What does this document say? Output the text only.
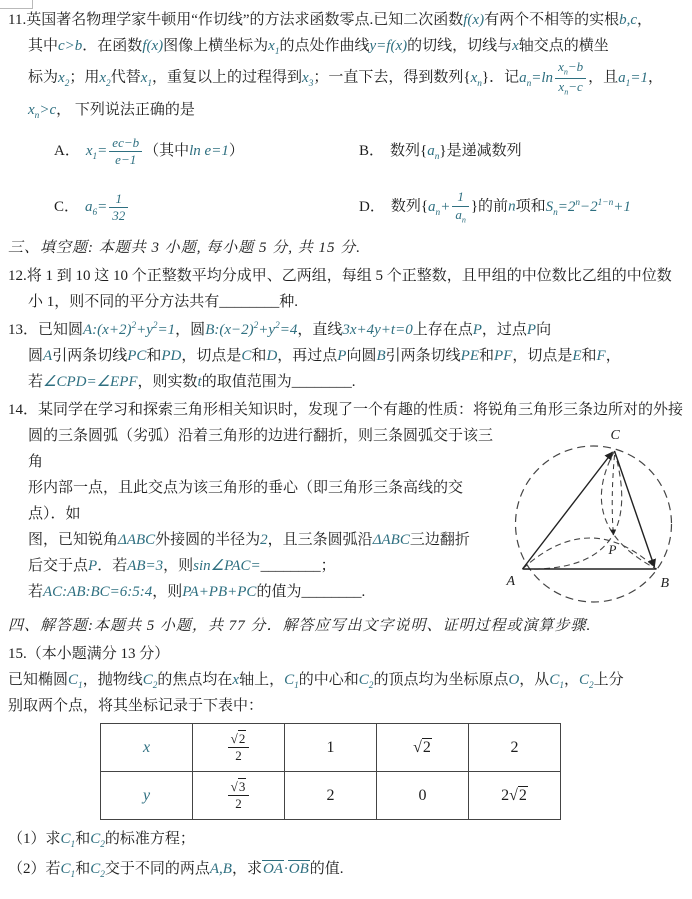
11.英国著名物理学家牛顿用“作切线”的方法求函数零点.已知二次函数f(x)有两个不相等的实根b,c，
其中c>b．在函数f(x)图像上横坐标为$x_1$的点处作曲线y=f(x)的切线，切线与x轴交点的横坐
标为$x_2$；用$x_2$代替$x_1$，重复以上的过程得到$x_3$；一直下去，得到数列$\{x_n\}$．记$a_n=\ln \frac{x_n-b}{x_n-c}$ ，且$a_1=1$，
$x_n>c$， 下列说法正确的是
A． $x_1= \frac{ec-b}{e-1}$ （其中ln e=1）	B． 数列$\{a_n\}$是递减数列
C． $a_6= \frac{1}{32}$	D． 数列{$a_n+ \frac{1}{a_n}$ }的前n项和$S_n=2^n-2^{1-n}+1$
三、填空题: 本题共 3 小题, 每小题 5 分, 共 15 分.
12.将 1 到 10 这 10 个正整数平均分成甲、乙两组，每组 5 个正整数，且甲组的中位数比乙组的中位数
小 1，则不同的平分方法共有________种.
13．已知圆$A:(x+2)^2+y^2=1$，圆$B:(x-2)^2+y^2=4$，直线3x+4y+t=0上存在点P，过点P向
圆A引两条切线PC和PD，切点是C和D，再过点P向圆B引两条切线PE和PF，切点是E和F，
若∠CPD=∠EPF，则实数t的取值范围为________.
14．某同学在学习和探索三角形相关知识时，发现了一个有趣的性质：将锐角三角形三条边所对的外接
圆的三条圆弧（劣弧）沿着三角形的边进行翻折，则三条圆弧交于该三角
形内部一点，且此交点为该三角形的垂心（即三角形三条高线的交点）．如
图，已知锐角ΔABC外接圆的半径为2，且三条圆弧沿ΔABC三边翻折
后交于点P．若AB=3，则sin∠PAC=________；
若AC:AB:BC=6:5:4，则PA+PB+PC的值为________.
C
A	B
P
四、解答题:本题共 5 小题，共 77 分．解答应写出文字说明、证明过程或演算步骤.
15.（本小题满分 13 分）
已知椭圆$C_1$，抛物线$C_2$的焦点均在x轴上，$C_1$的中心和$C_2$的顶点均为坐标原点O，从$C_1$，$C_2$上分
别取两个点，将其坐标记录于下表中：
x	$\frac{√2}{2}$	1	√2	2
y	$\frac{√3}{2}$	2	0	2√2
（1）求$C_1$和$C_2$的标准方程；
（2）若$C_1$和$C_2$交于不同的两点A,B，求OA·OB的值.
